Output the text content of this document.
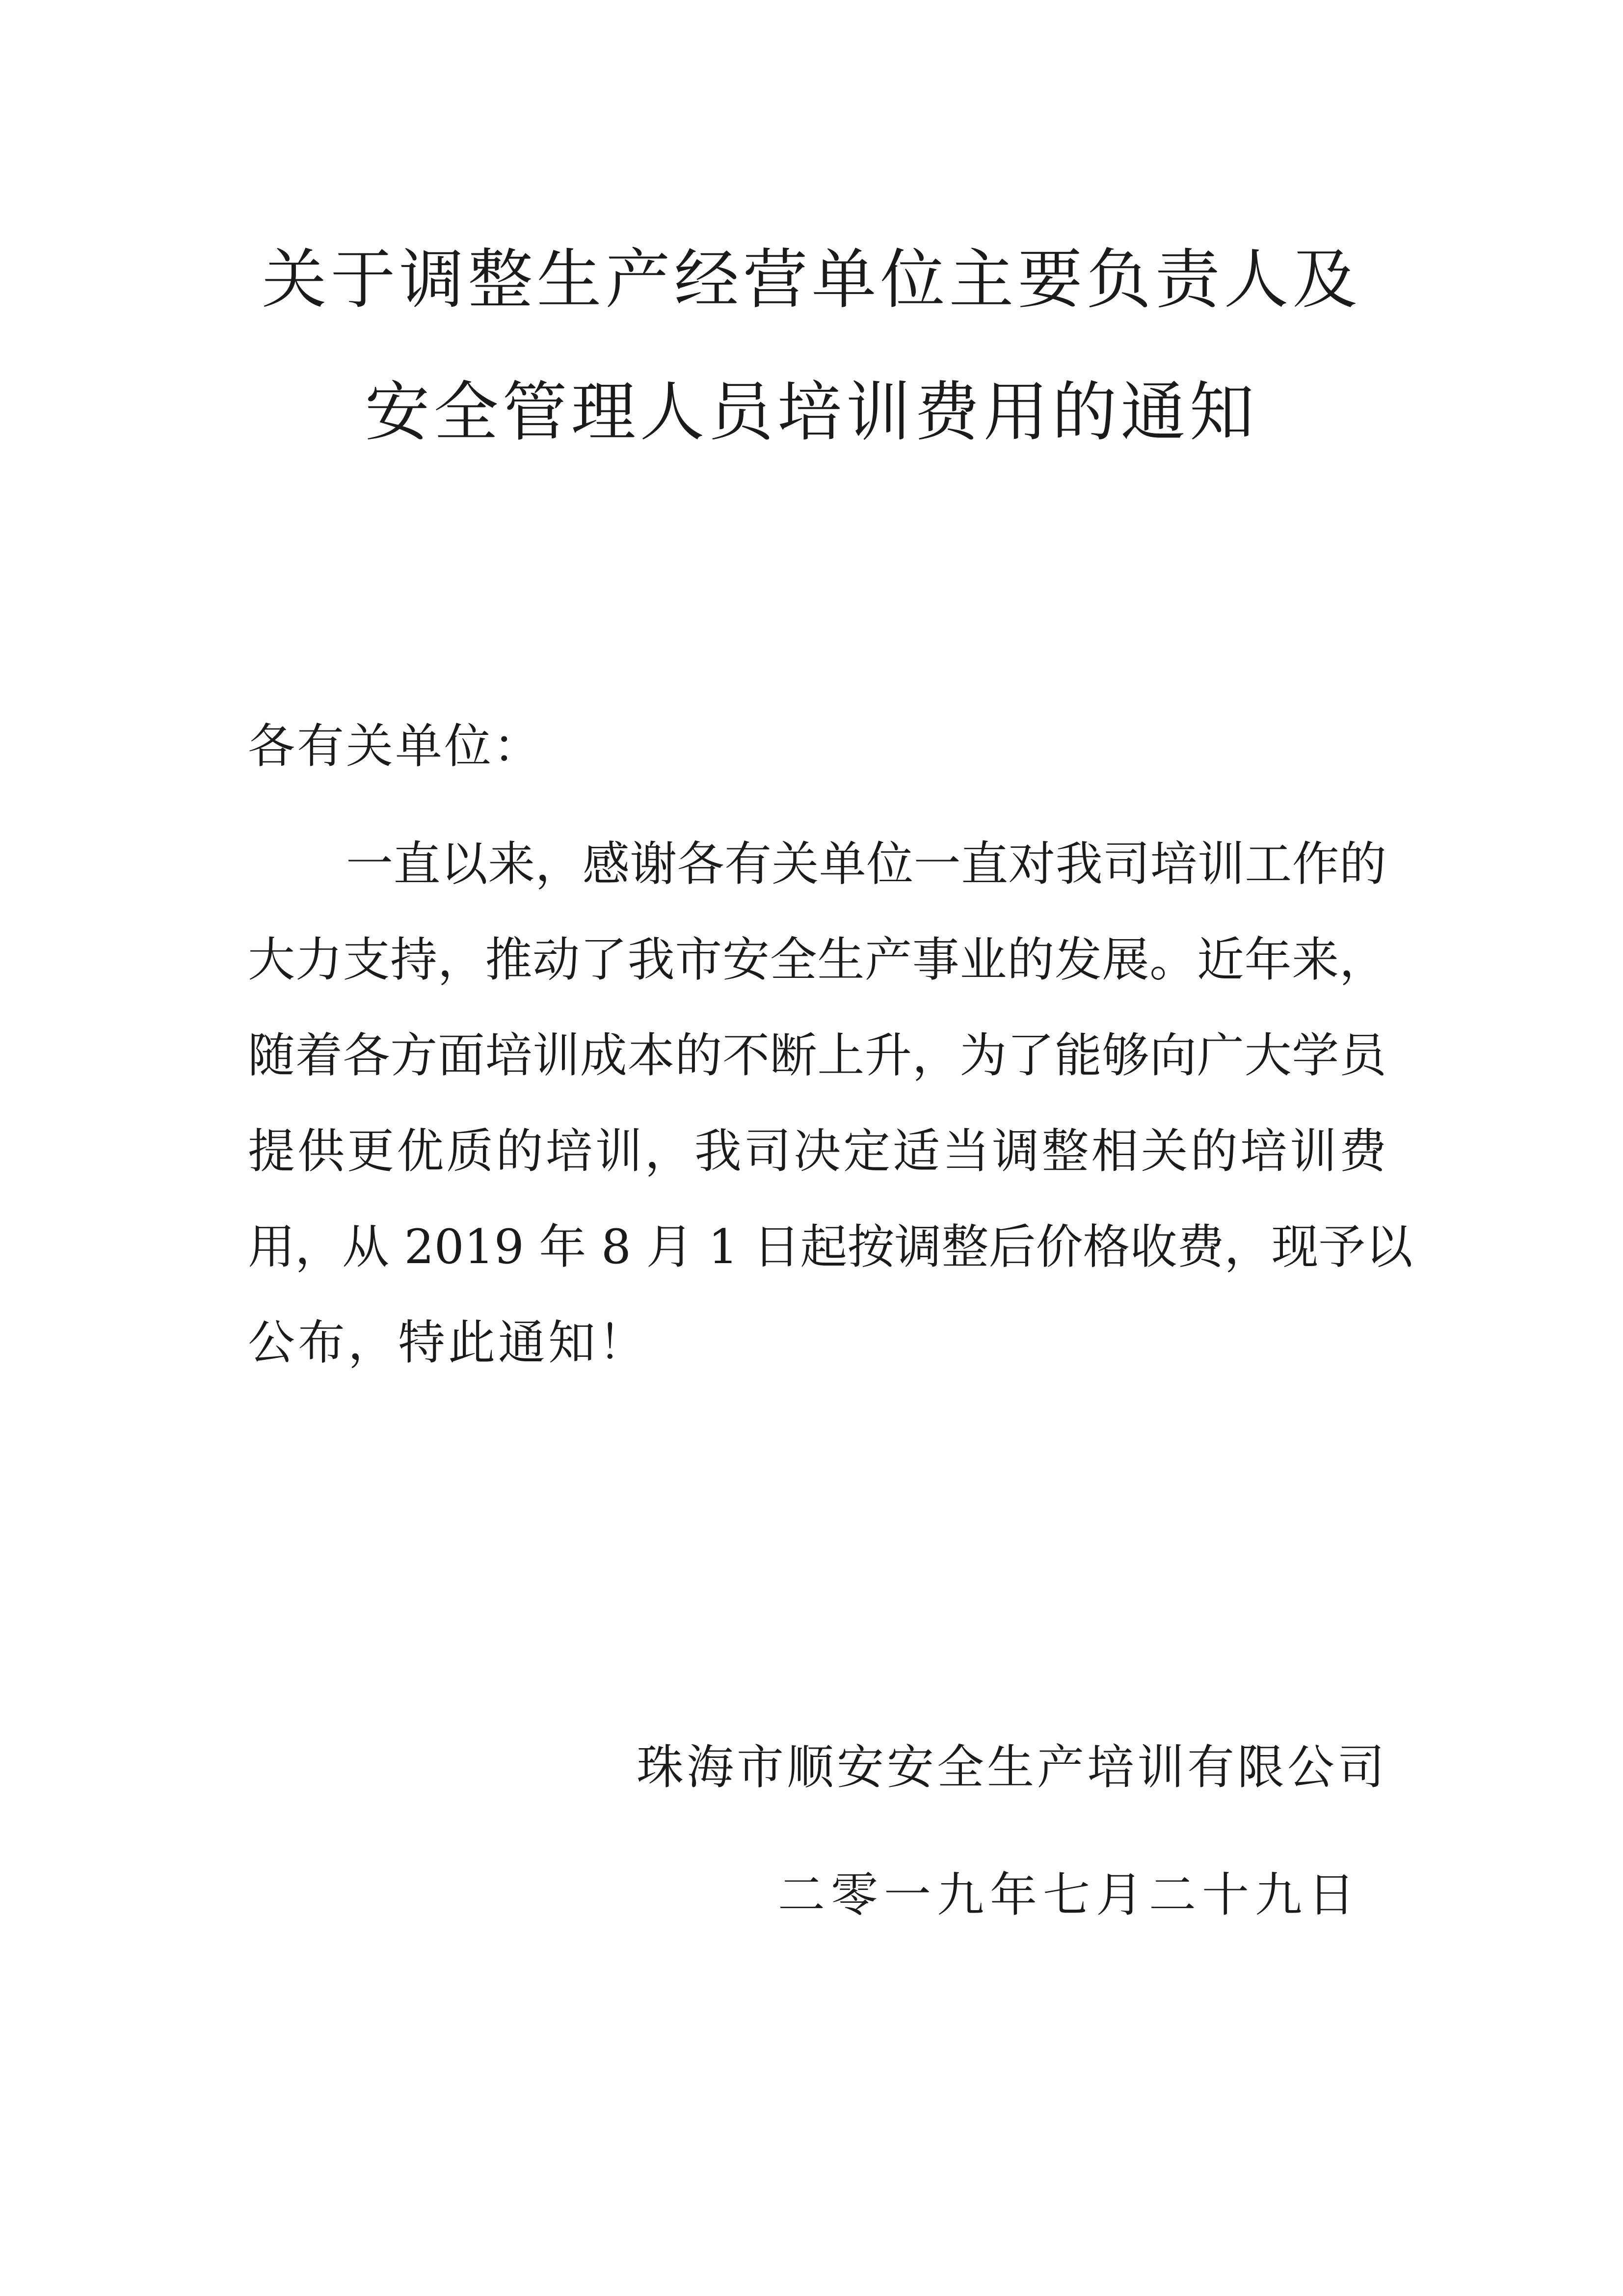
关于调整生产经营单位主要负责人及
安全管理人员培训费用的通知
各有关单位：
一直以来，感谢各有关单位一直对我司培训工作的
大力支持，推动了我市安全生产事业的发展。近年来，
随着各方面培训成本的不断上升，为了能够向广大学员
提供更优质的培训，我司决定适当调整相关的培训费
用，从 2019 年 8 月 1 日起按调整后价格收费，现予以
公布，特此通知！
珠海市顺安安全生产培训有限公司
二零一九年七月二十九日
